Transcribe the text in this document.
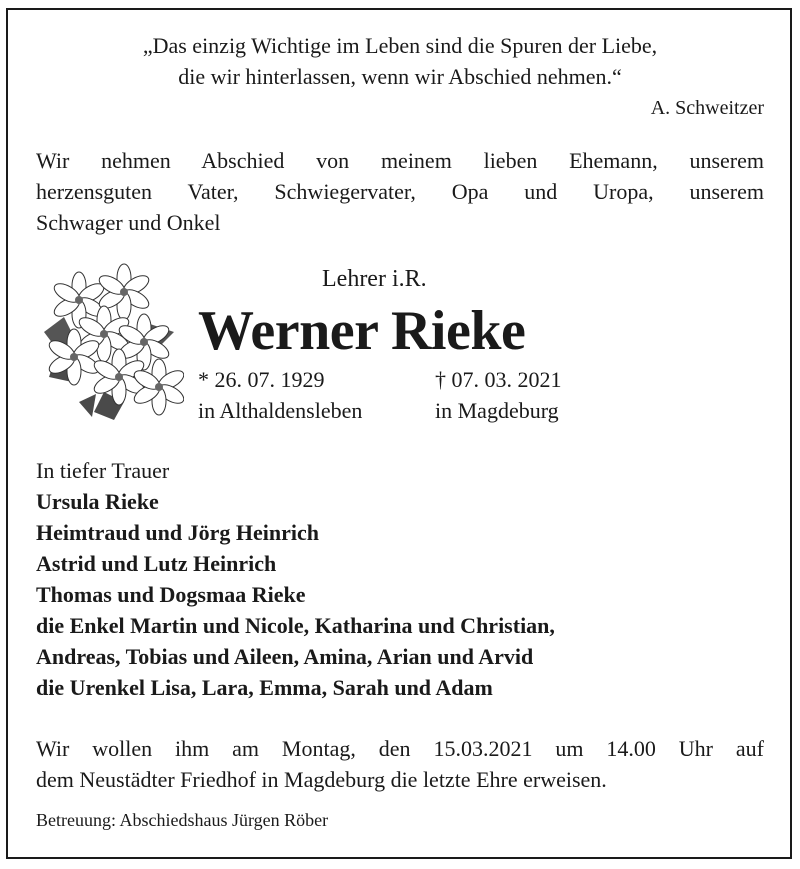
„Das einzig Wichtige im Leben sind die Spuren der Liebe,
die wir hinterlassen, wenn wir Abschied nehmen.“
A. Schweitzer
Wir nehmen Abschied von meinem lieben Ehemann, unserem
herzensguten Vater, Schwiegervater, Opa und Uropa, unserem
Schwager und Onkel
Lehrer i.R.
Werner Rieke
* 26. 07. 1929
in Althaldensleben
† 07. 03. 2021
in Magdeburg
In tiefer Trauer
Ursula Rieke
Heimtraud und Jörg Heinrich
Astrid und Lutz Heinrich
Thomas und Dogsmaa Rieke
die Enkel Martin und Nicole, Katharina und Christian,
Andreas, Tobias und Aileen, Amina, Arian und Arvid
die Urenkel Lisa, Lara, Emma, Sarah und Adam
Wir wollen ihm am Montag, den 15.03.2021 um 14.00 Uhr auf
dem Neustädter Friedhof in Magdeburg die letzte Ehre erweisen.
Betreuung: Abschiedshaus Jürgen Röber
